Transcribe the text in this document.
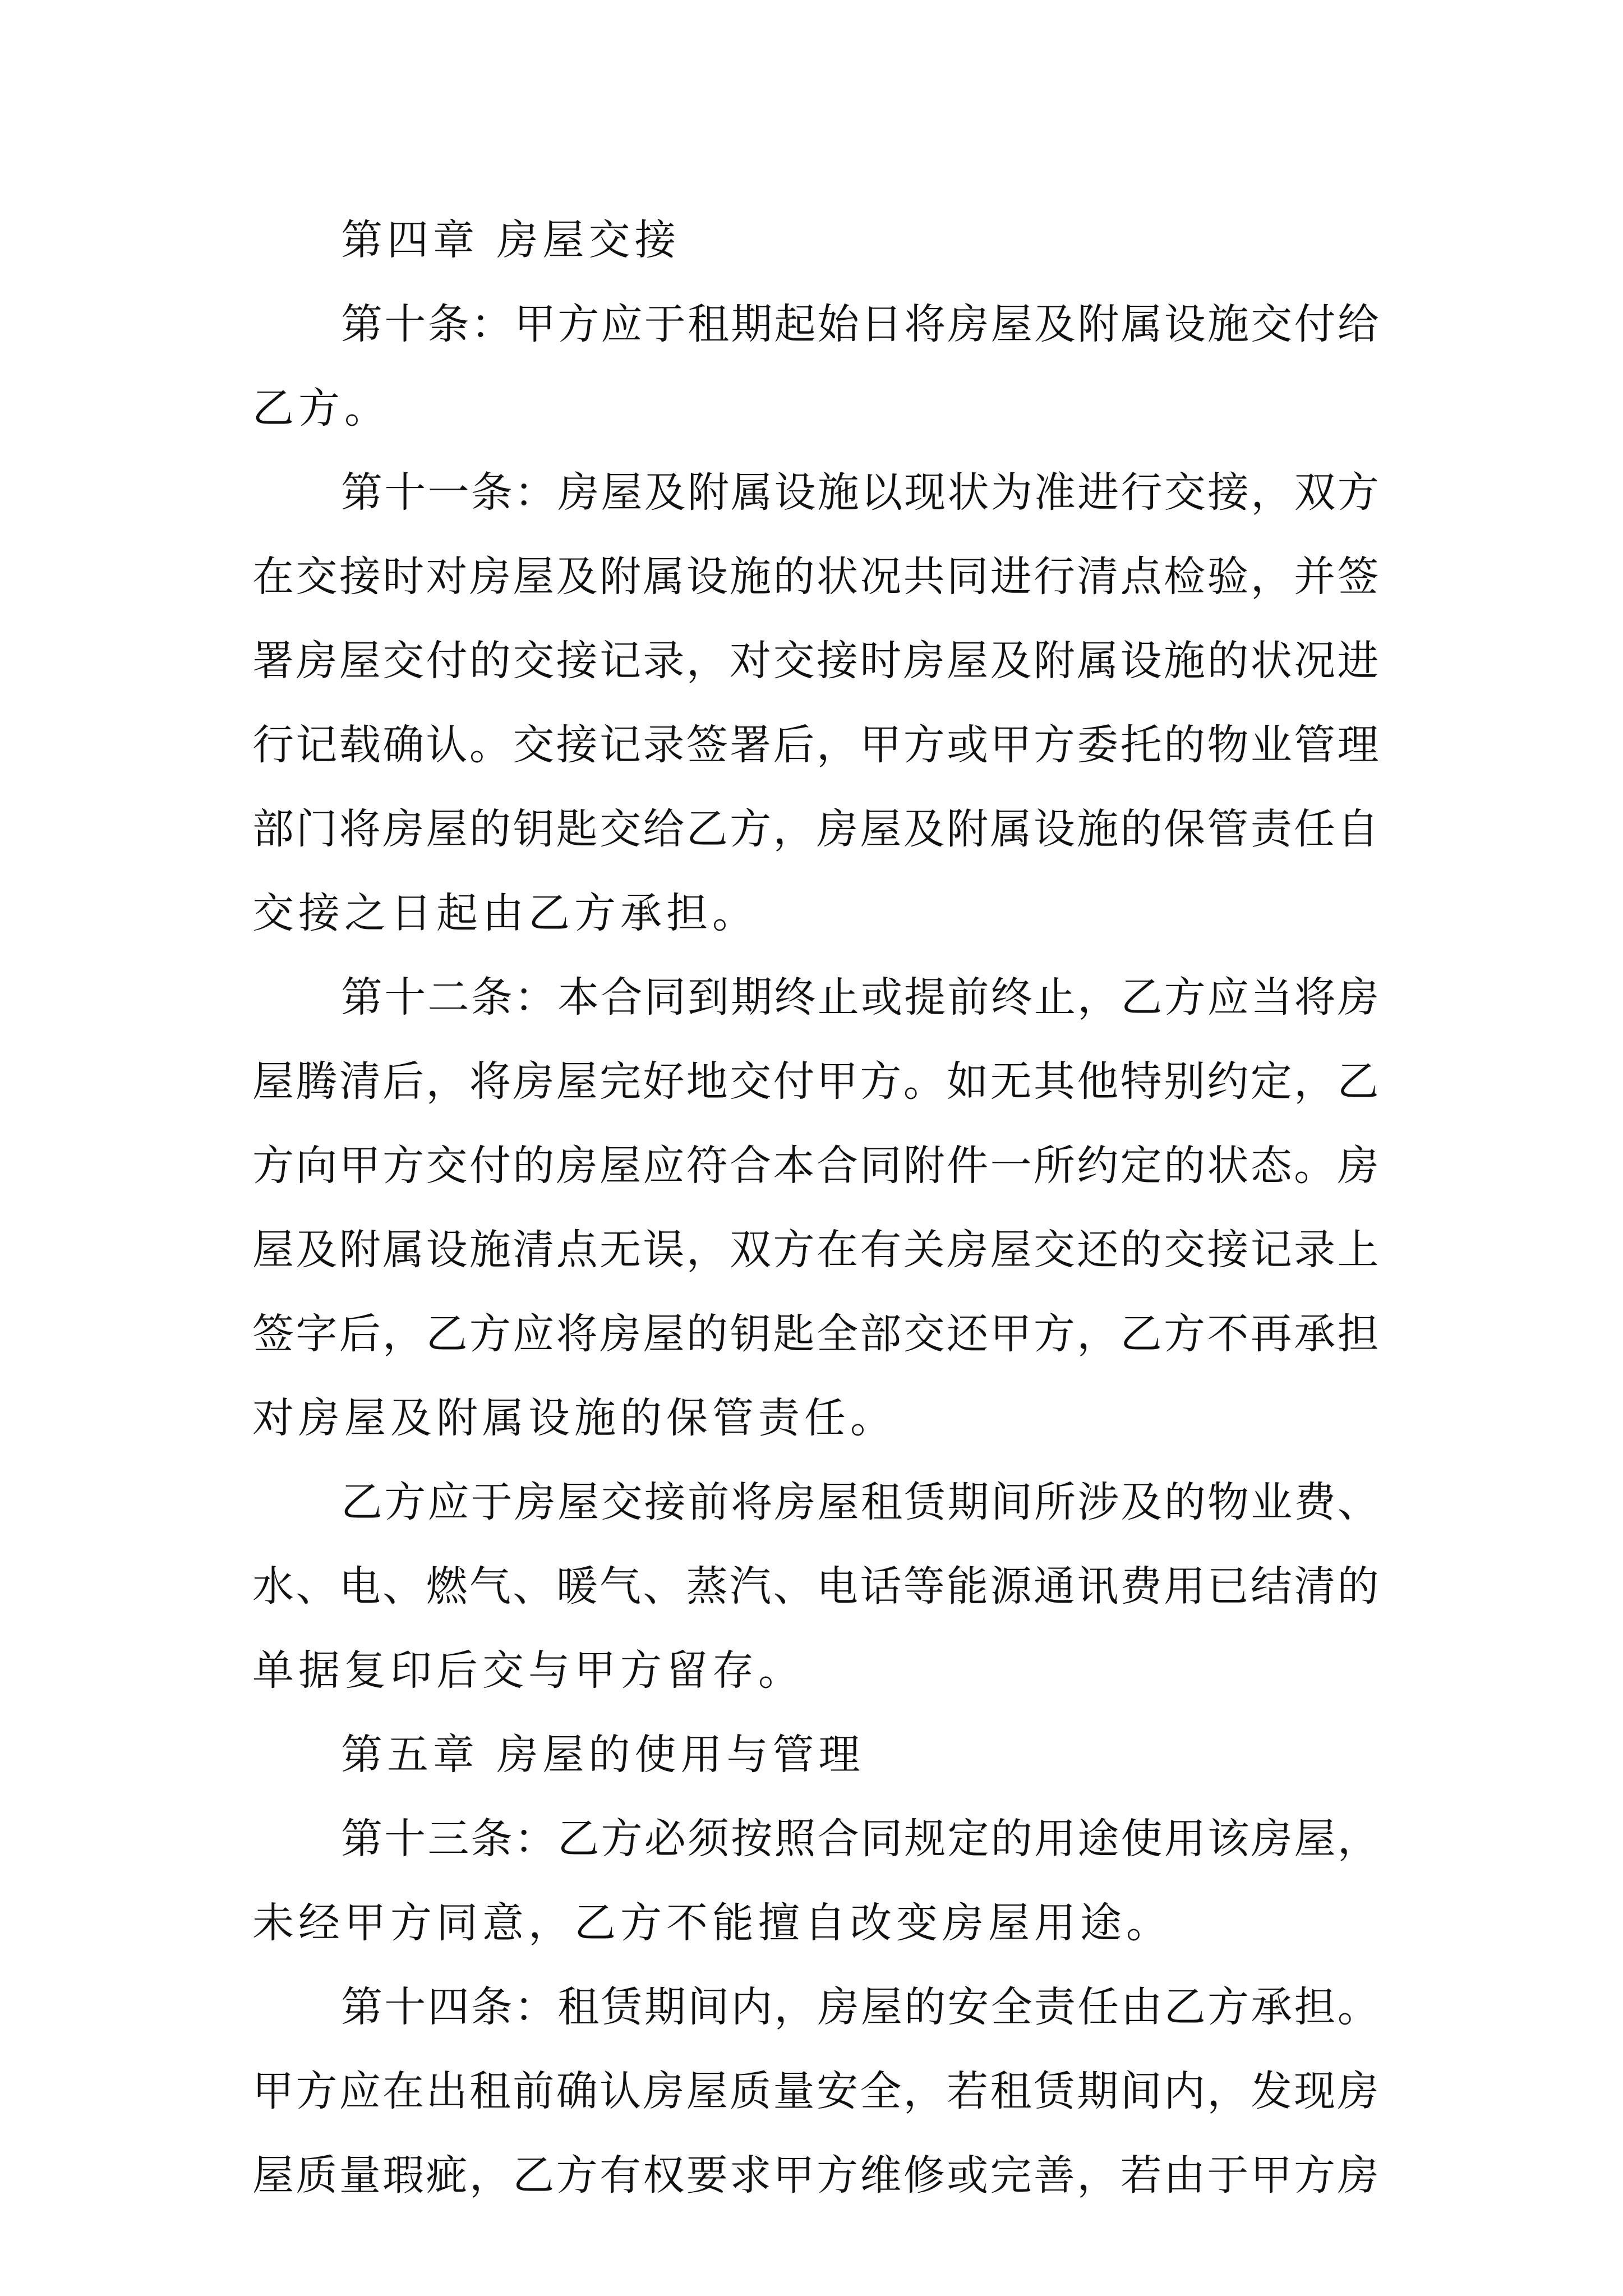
第四章 房屋交接
第十条：甲方应于租期起始日将房屋及附属设施交付给
乙方。
第十一条：房屋及附属设施以现状为准进行交接，双方
在交接时对房屋及附属设施的状况共同进行清点检验，并签
署房屋交付的交接记录，对交接时房屋及附属设施的状况进
行记载确认。交接记录签署后，甲方或甲方委托的物业管理
部门将房屋的钥匙交给乙方，房屋及附属设施的保管责任自
交接之日起由乙方承担。
第十二条：本合同到期终止或提前终止，乙方应当将房
屋腾清后，将房屋完好地交付甲方。如无其他特别约定，乙
方向甲方交付的房屋应符合本合同附件一所约定的状态。房
屋及附属设施清点无误，双方在有关房屋交还的交接记录上
签字后，乙方应将房屋的钥匙全部交还甲方，乙方不再承担
对房屋及附属设施的保管责任。
乙方应于房屋交接前将房屋租赁期间所涉及的物业费、
水、电、燃气、暖气、蒸汽、电话等能源通讯费用已结清的
单据复印后交与甲方留存。
第五章 房屋的使用与管理
第十三条：乙方必须按照合同规定的用途使用该房屋，
未经甲方同意，乙方不能擅自改变房屋用途。
第十四条：租赁期间内，房屋的安全责任由乙方承担。
甲方应在出租前确认房屋质量安全，若租赁期间内，发现房
屋质量瑕疵，乙方有权要求甲方维修或完善，若由于甲方房
